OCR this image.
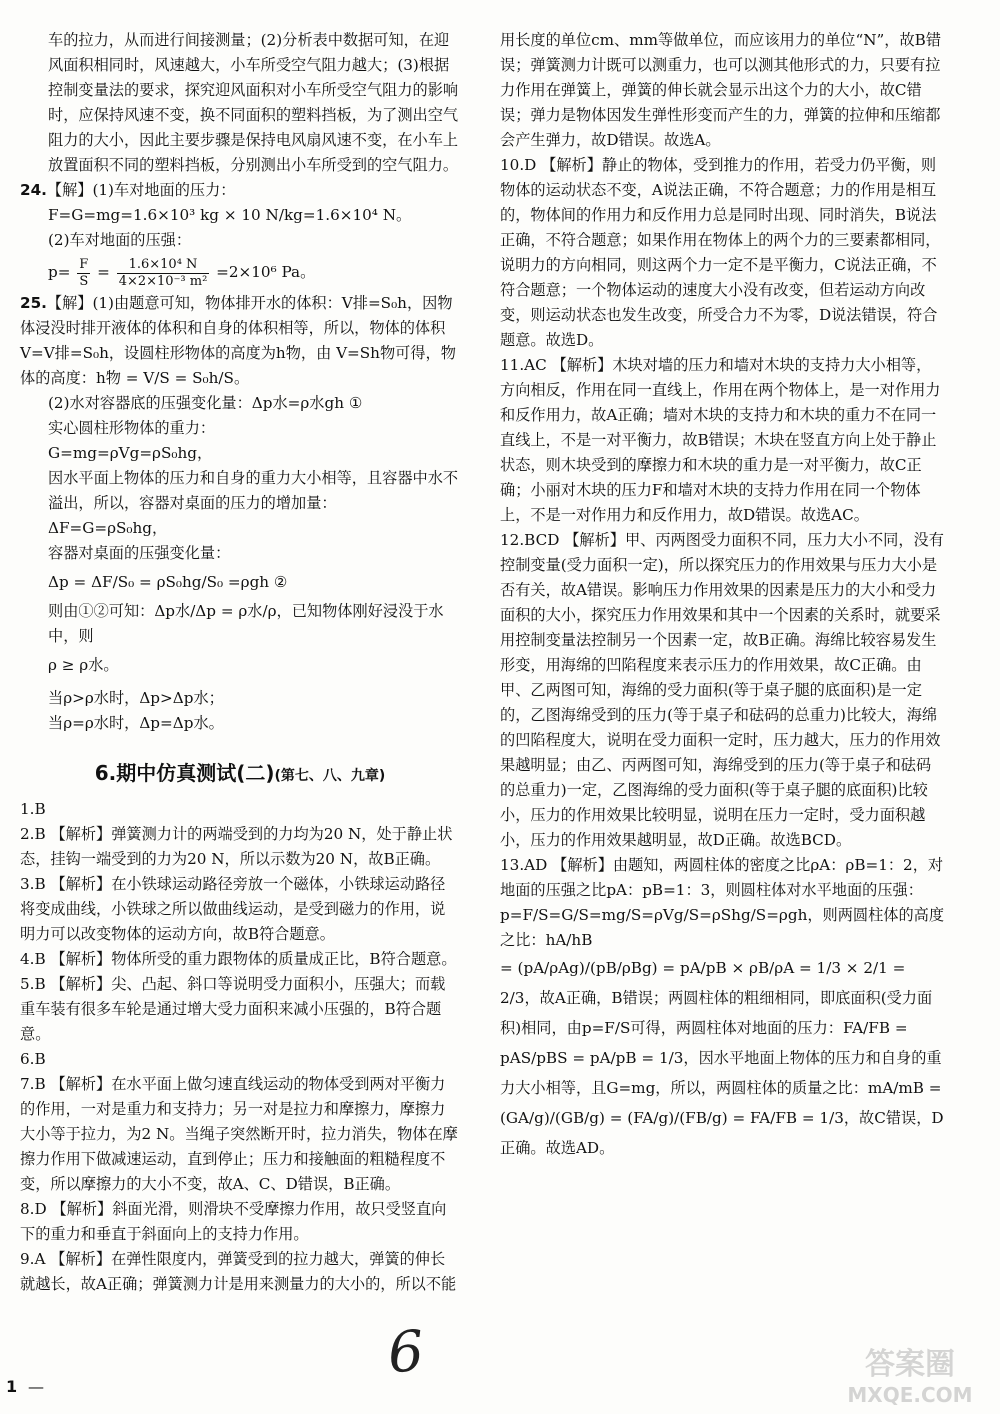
车的拉力，从而进行间接测量；(2)分析表中数据可知，在迎风面积相同时，风速越大，小车所受空气阻力越大；(3)根据控制变量法的要求，探究迎风面积对小车所受空气阻力的影响时，应保持风速不变，换不同面积的塑料挡板，为了测出空气阻力的大小，因此主要步骤是保持电风扇风速不变，在小车上放置面积不同的塑料挡板，分别测出小车所受到的空气阻力。

24.【解】(1)车对地面的压力：

F=G=mg=1.6×10³ kg × 10 N/kg=1.6×10⁴ N。

(2)车对地面的压强：

$p= \frac{F}{S} = \frac{\text{1.6×10⁴ N}}{\text{4×2×10⁻³ m²}} =2\times 10^6$ Pa。

25.【解】(1)由题意可知，物体排开水的体积：V排=S₀h，因物体浸没时排开液体的体积和自身的体积相等，所以，物体的体积V=V排=S₀h，设圆柱形物体的高度为h物，由 V=Sh物可得，物体的高度：h物 = V/S = S₀h/S。

(2)水对容器底的压强变化量：Δp水=ρ水gh ①

实心圆柱形物体的重力：

G=mg=ρVg=ρS₀hg，

因水平面上物体的压力和自身的重力大小相等，且容器中水不溢出，所以，容器对桌面的压力的增加量：

ΔF=G=ρS₀hg，

容器对桌面的压强变化量：

Δp = ΔF/S₀ = ρS₀hg/S₀ =ρgh ②

则由①②可知：Δp水/Δp = ρ水/ρ，已知物体刚好浸没于水中，则

ρ ≥ ρ水。

当ρ>ρ水时，Δp>Δp水；

当ρ=ρ水时，Δp=Δp水。

6.期中仿真测试(二)(第七、八、九章)

1.B

2.B 【解析】弹簧测力计的两端受到的力均为20 N，处于静止状态，挂钩一端受到的力为20 N，所以示数为20 N，故B正确。

3.B 【解析】在小铁球运动路径旁放一个磁体，小铁球运动路径将变成曲线，小铁球之所以做曲线运动，是受到磁力的作用，说明力可以改变物体的运动方向，故B符合题意。

4.B 【解析】物体所受的重力跟物体的质量成正比，B符合题意。

5.B 【解析】尖、凸起、斜口等说明受力面积小，压强大；而载重车装有很多车轮是通过增大受力面积来减小压强的，B符合题意。

6.B

7.B 【解析】在水平面上做匀速直线运动的物体受到两对平衡力的作用，一对是重力和支持力；另一对是拉力和摩擦力，摩擦力大小等于拉力，为2 N。当绳子突然断开时，拉力消失，物体在摩擦力作用下做减速运动，直到停止；压力和接触面的粗糙程度不变，所以摩擦力的大小不变，故A、C、D错误，B正确。

8.D 【解析】斜面光滑，则滑块不受摩擦力作用，故只受竖直向下的重力和垂直于斜面向上的支持力作用。

9.A 【解析】在弹性限度内，弹簧受到的拉力越大，弹簧的伸长就越长，故A正确；弹簧测力计是用来测量力的大小的，所以不能

用长度的单位cm、mm等做单位，而应该用力的单位“N”，故B错误；弹簧测力计既可以测重力，也可以测其他形式的力，只要有拉力作用在弹簧上，弹簧的伸长就会显示出这个力的大小，故C错误；弹力是物体因发生弹性形变而产生的力，弹簧的拉伸和压缩都会产生弹力，故D错误。故选A。

10.D 【解析】静止的物体，受到推力的作用，若受力仍平衡，则物体的运动状态不变，A说法正确，不符合题意；力的作用是相互的，物体间的作用力和反作用力总是同时出现、同时消失，B说法正确，不符合题意；如果作用在物体上的两个力的三要素都相同，说明力的方向相同，则这两个力一定不是平衡力，C说法正确，不符合题意；一个物体运动的速度大小没有改变，但若运动方向改变，则运动状态也发生改变，所受合力不为零，D说法错误，符合题意。故选D。

11.AC 【解析】木块对墙的压力和墙对木块的支持力大小相等，方向相反，作用在同一直线上，作用在两个物体上，是一对作用力和反作用力，故A正确；墙对木块的支持力和木块的重力不在同一直线上，不是一对平衡力，故B错误；木块在竖直方向上处于静止状态，则木块受到的摩擦力和木块的重力是一对平衡力，故C正确；小丽对木块的压力F和墙对木块的支持力作用在同一个物体上，不是一对作用力和反作用力，故D错误。故选AC。

12.BCD 【解析】甲、丙两图受力面积不同，压力大小不同，没有控制变量(受力面积一定)，所以探究压力的作用效果与压力大小是否有关，故A错误。影响压力作用效果的因素是压力的大小和受力面积的大小，探究压力作用效果和其中一个因素的关系时，就要采用控制变量法控制另一个因素一定，故B正确。海绵比较容易发生形变，用海绵的凹陷程度来表示压力的作用效果，故C正确。由甲、乙两图可知，海绵的受力面积(等于桌子腿的底面积)是一定的，乙图海绵受到的压力(等于桌子和砝码的总重力)比较大，海绵的凹陷程度大，说明在受力面积一定时，压力越大，压力的作用效果越明显；由乙、丙两图可知，海绵受到的压力(等于桌子和砝码的总重力)一定，乙图海绵的受力面积(等于桌子腿的底面积)比较小，压力的作用效果比较明显，说明在压力一定时，受力面积越小，压力的作用效果越明显，故D正确。故选BCD。

13.AD 【解析】由题知，两圆柱体的密度之比ρA：ρB=1：2，对地面的压强之比pA：pB=1：3，则圆柱体对水平地面的压强：p=F/S=G/S=mg/S=ρVg/S=ρShg/S=ρgh，则两圆柱体的高度之比：hA/hB

= (pA/ρAg)/(pB/ρBg) = pA/pB × ρB/ρA = 1/3 × 2/1 = 2/3，故A正确，B错误；两圆柱体的粗细相同，即底面积(受力面积)相同，由p=F/S可得，两圆柱体对地面的压力：FA/FB = pAS/pBS = pA/pB = 1/3，因水平地面上物体的压力和自身的重力大小相等，且G=mg，所以，两圆柱体的质量之比：mA/mB = (GA/g)/(GB/g) = (FA/g)/(FB/g) = FA/FB = 1/3，故C错误，D正确。故选AD。

1 —
6	答案圈
MXQE.COM
